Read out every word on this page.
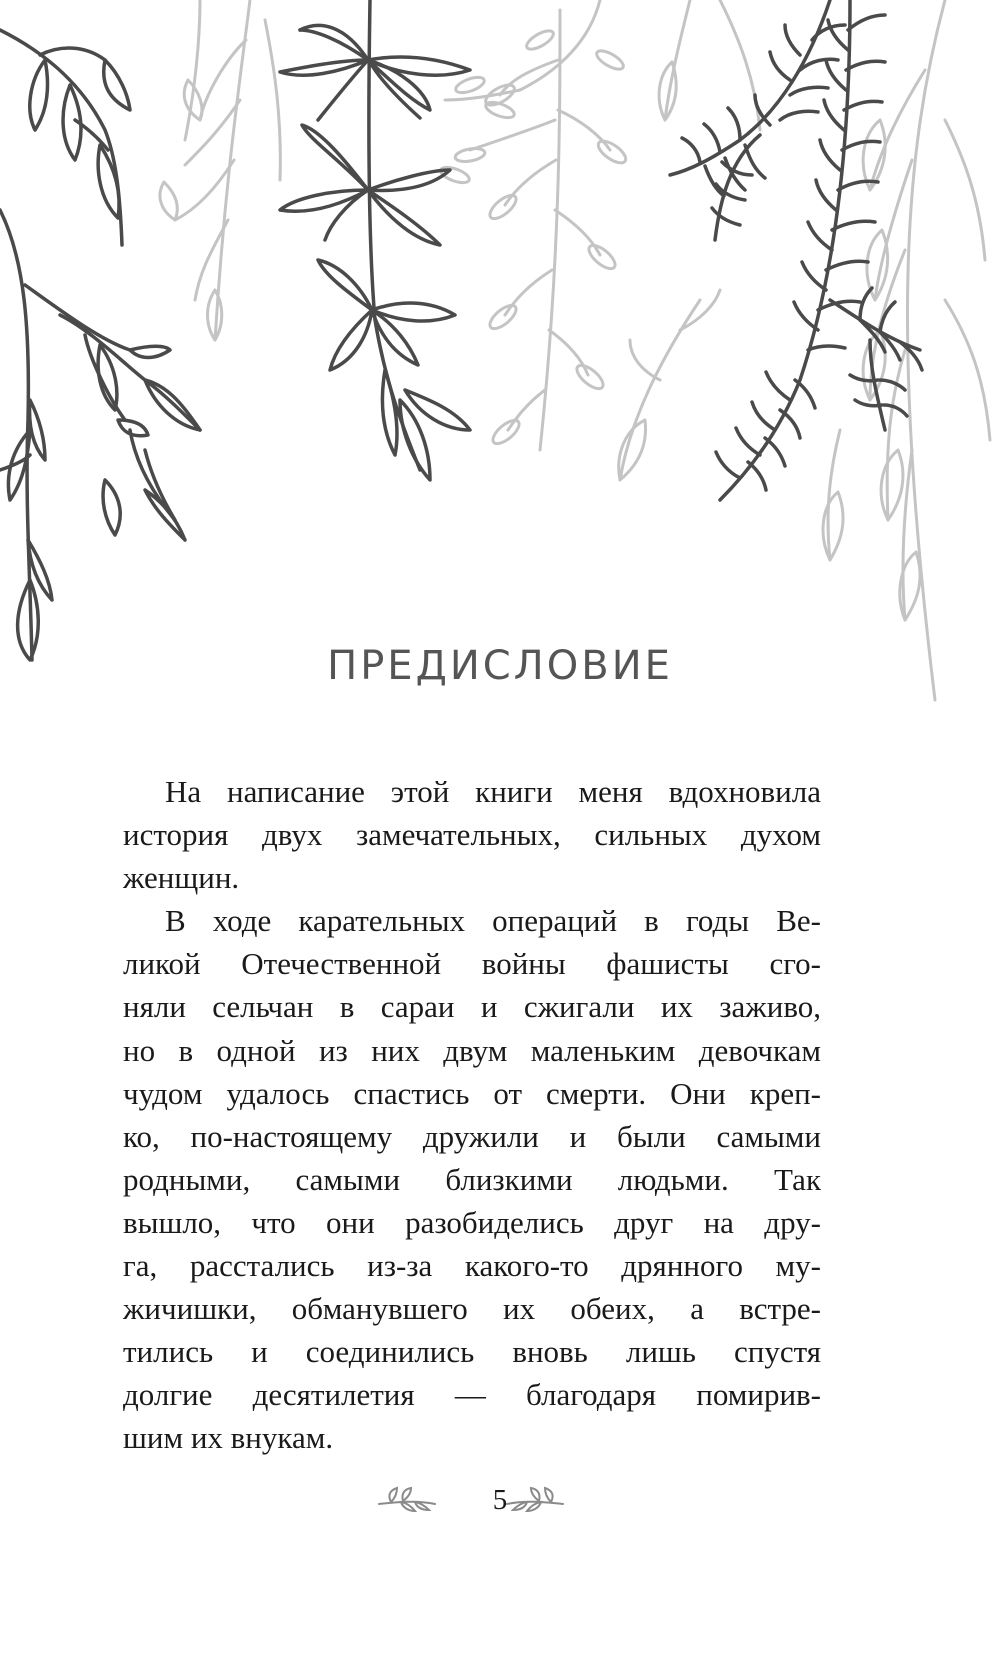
ПРЕДИСЛОВИЕ

На написание этой книги меня вдохновила
история двух замечательных, сильных духом
женщин.

В ходе карательных операций в годы Ве-
ликой Отечественной войны фашисты сго-
няли сельчан в сараи и сжигали их заживо,
но в одной из них двум маленьким девочкам
чудом удалось спастись от смерти. Они креп-
ко, по-настоящему дружили и были самыми
родными, самыми близкими людьми. Так
вышло, что они разобиделись друг на дру-
га, расстались из-за какого-то дрянного му-
жичишки, обманувшего их обеих, а встре-
тились и соединились вновь лишь спустя
долгие десятилетия — благодаря помирив-
шим их внукам.

5
